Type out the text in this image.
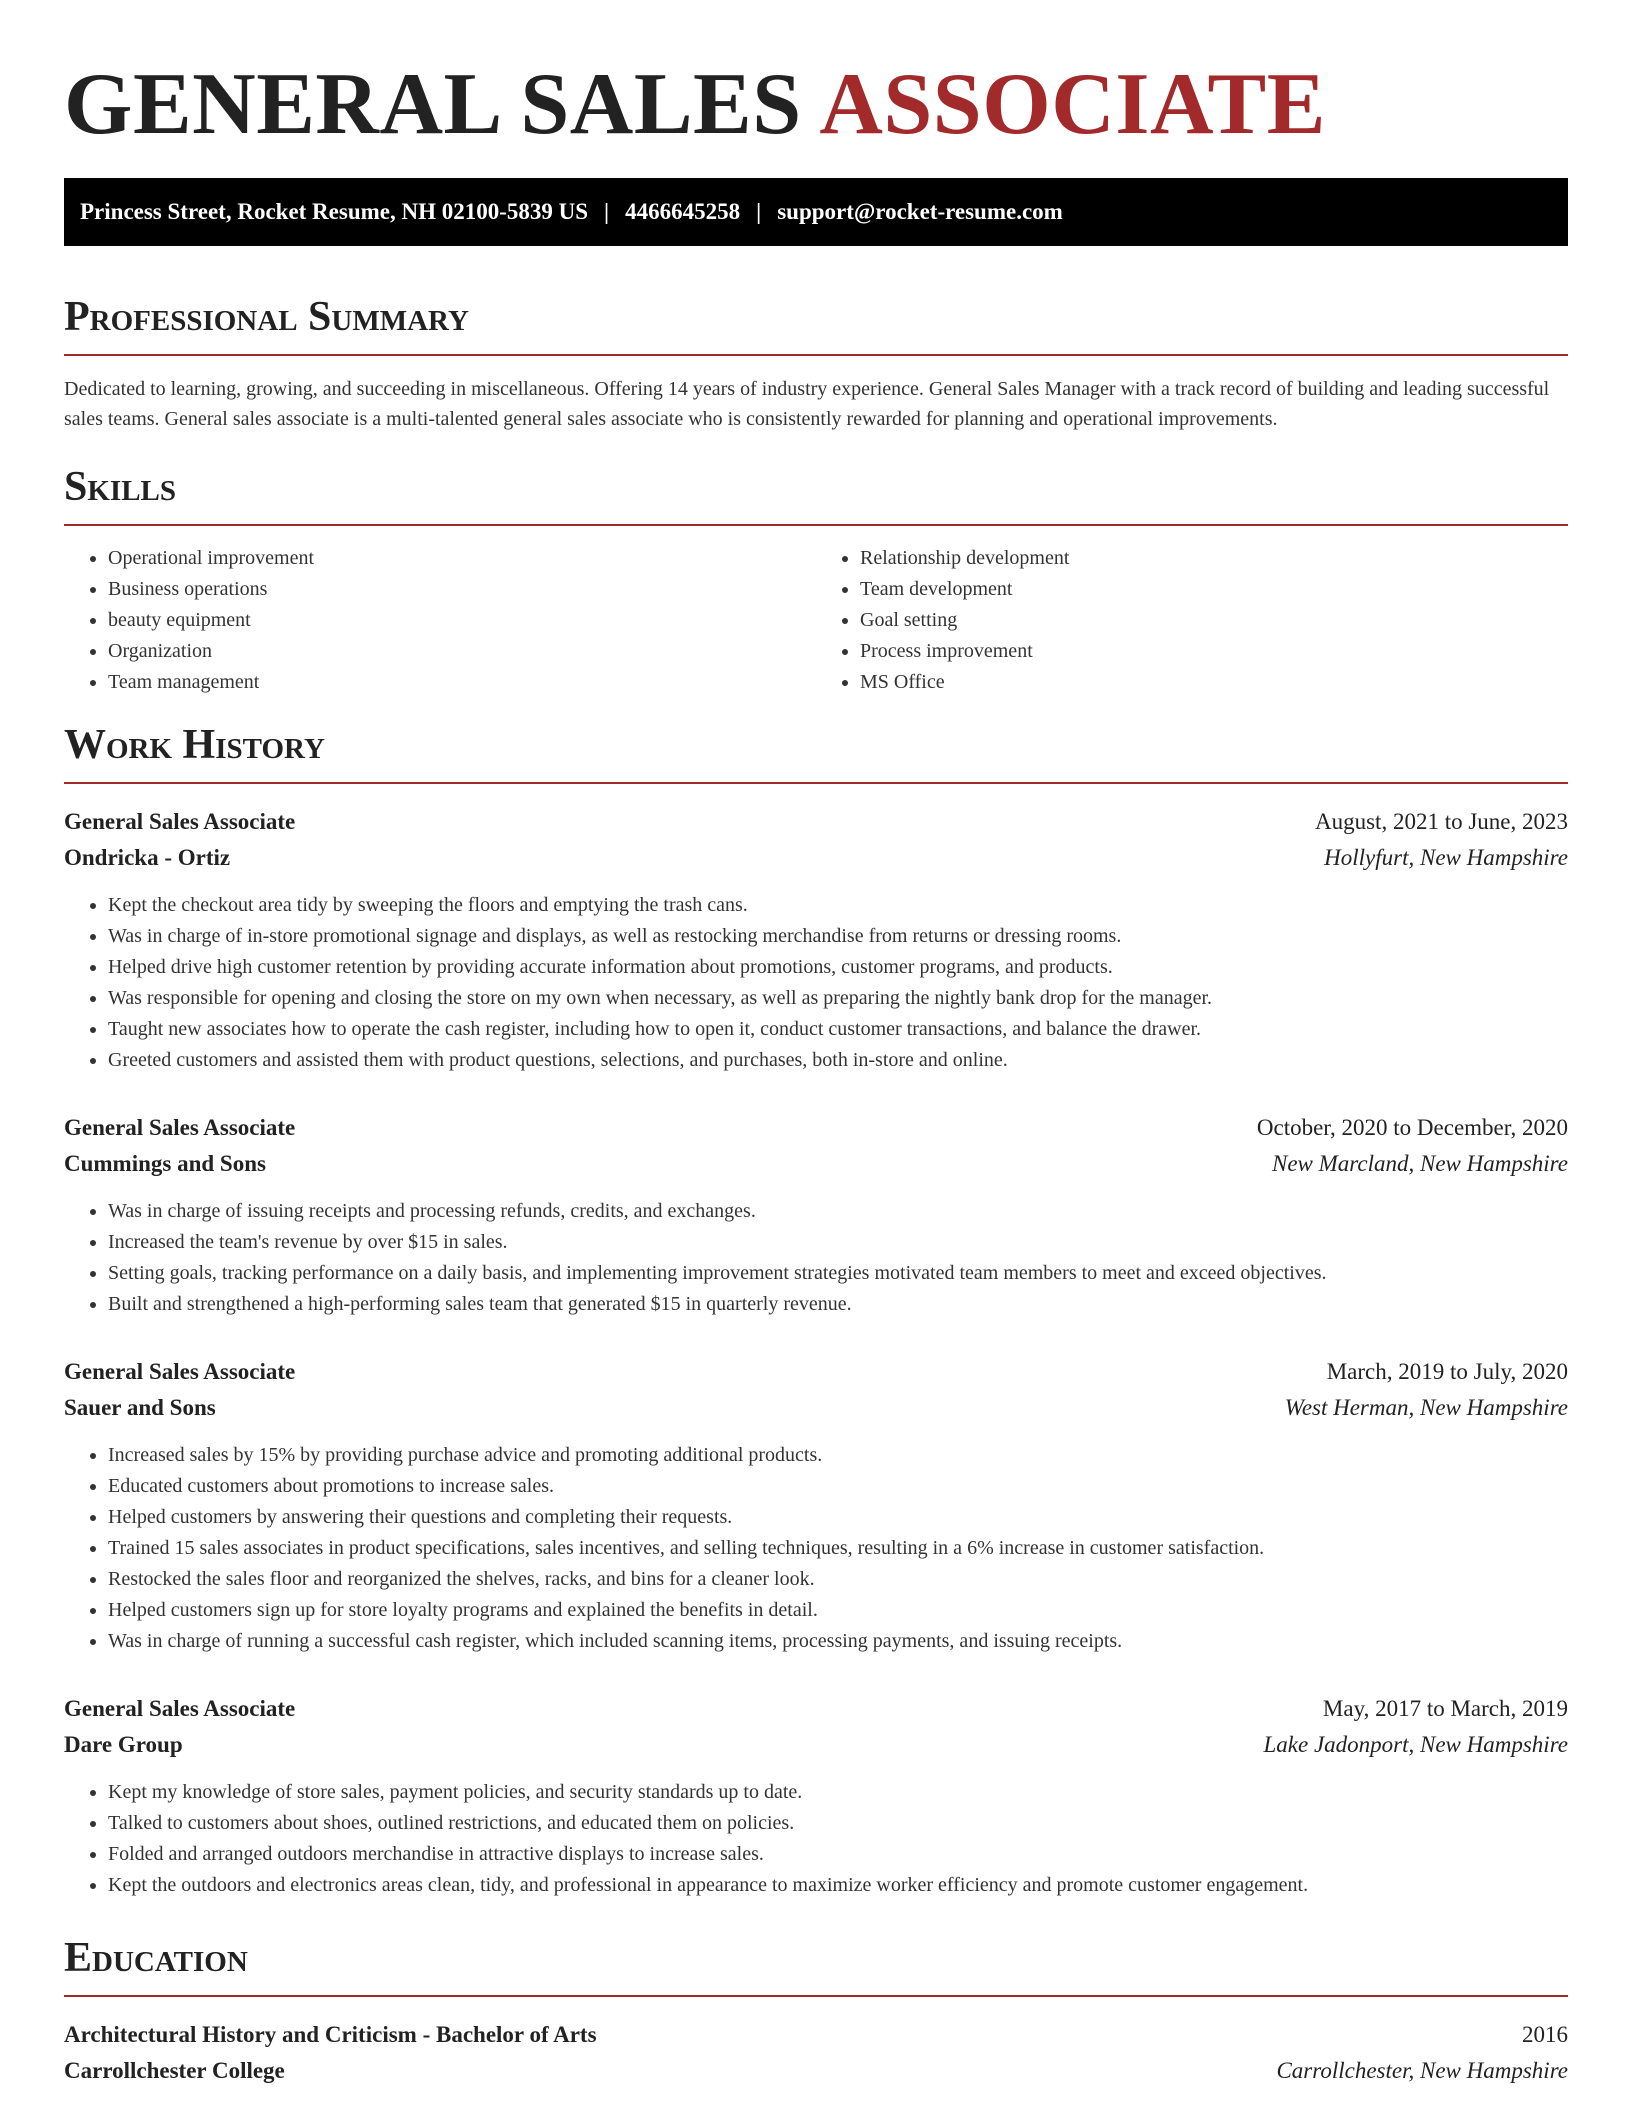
GENERAL SALES ASSOCIATE
Princess Street, Rocket Resume, NH 02100-5839 US | 4466645258 | support@rocket-resume.com
Professional Summary

Dedicated to learning, growing, and succeeding in miscellaneous. Offering 14 years of industry experience. General Sales Manager with a track record of building and leading successful sales teams. General sales associate is a multi-talented general sales associate who is consistently rewarded for planning and operational improvements.

Skills
• Operational improvement
• Business operations
• beauty equipment
• Organization
• Team management
• Relationship development
• Team development
• Goal setting
• Process improvement
• MS Office
Work History
General Sales Associate	August, 2021 to June, 2023
Ondricka - Ortiz	Hollyfurt, New Hampshire
• Kept the checkout area tidy by sweeping the floors and emptying the trash cans.
• Was in charge of in-store promotional signage and displays, as well as restocking merchandise from returns or dressing rooms.
• Helped drive high customer retention by providing accurate information about promotions, customer programs, and products.
• Was responsible for opening and closing the store on my own when necessary, as well as preparing the nightly bank drop for the manager.
• Taught new associates how to operate the cash register, including how to open it, conduct customer transactions, and balance the drawer.
• Greeted customers and assisted them with product questions, selections, and purchases, both in-store and online.
General Sales Associate	October, 2020 to December, 2020
Cummings and Sons	New Marcland, New Hampshire
• Was in charge of issuing receipts and processing refunds, credits, and exchanges.
• Increased the team's revenue by over $15 in sales.
• Setting goals, tracking performance on a daily basis, and implementing improvement strategies motivated team members to meet and exceed objectives.
• Built and strengthened a high-performing sales team that generated $15 in quarterly revenue.
General Sales Associate	March, 2019 to July, 2020
Sauer and Sons	West Herman, New Hampshire
• Increased sales by 15% by providing purchase advice and promoting additional products.
• Educated customers about promotions to increase sales.
• Helped customers by answering their questions and completing their requests.
• Trained 15 sales associates in product specifications, sales incentives, and selling techniques, resulting in a 6% increase in customer satisfaction.
• Restocked the sales floor and reorganized the shelves, racks, and bins for a cleaner look.
• Helped customers sign up for store loyalty programs and explained the benefits in detail.
• Was in charge of running a successful cash register, which included scanning items, processing payments, and issuing receipts.
General Sales Associate	May, 2017 to March, 2019
Dare Group	Lake Jadonport, New Hampshire
• Kept my knowledge of store sales, payment policies, and security standards up to date.
• Talked to customers about shoes, outlined restrictions, and educated them on policies.
• Folded and arranged outdoors merchandise in attractive displays to increase sales.
• Kept the outdoors and electronics areas clean, tidy, and professional in appearance to maximize worker efficiency and promote customer engagement.
Education
Architectural History and Criticism - Bachelor of Arts	2016
Carrollchester College	Carrollchester, New Hampshire
